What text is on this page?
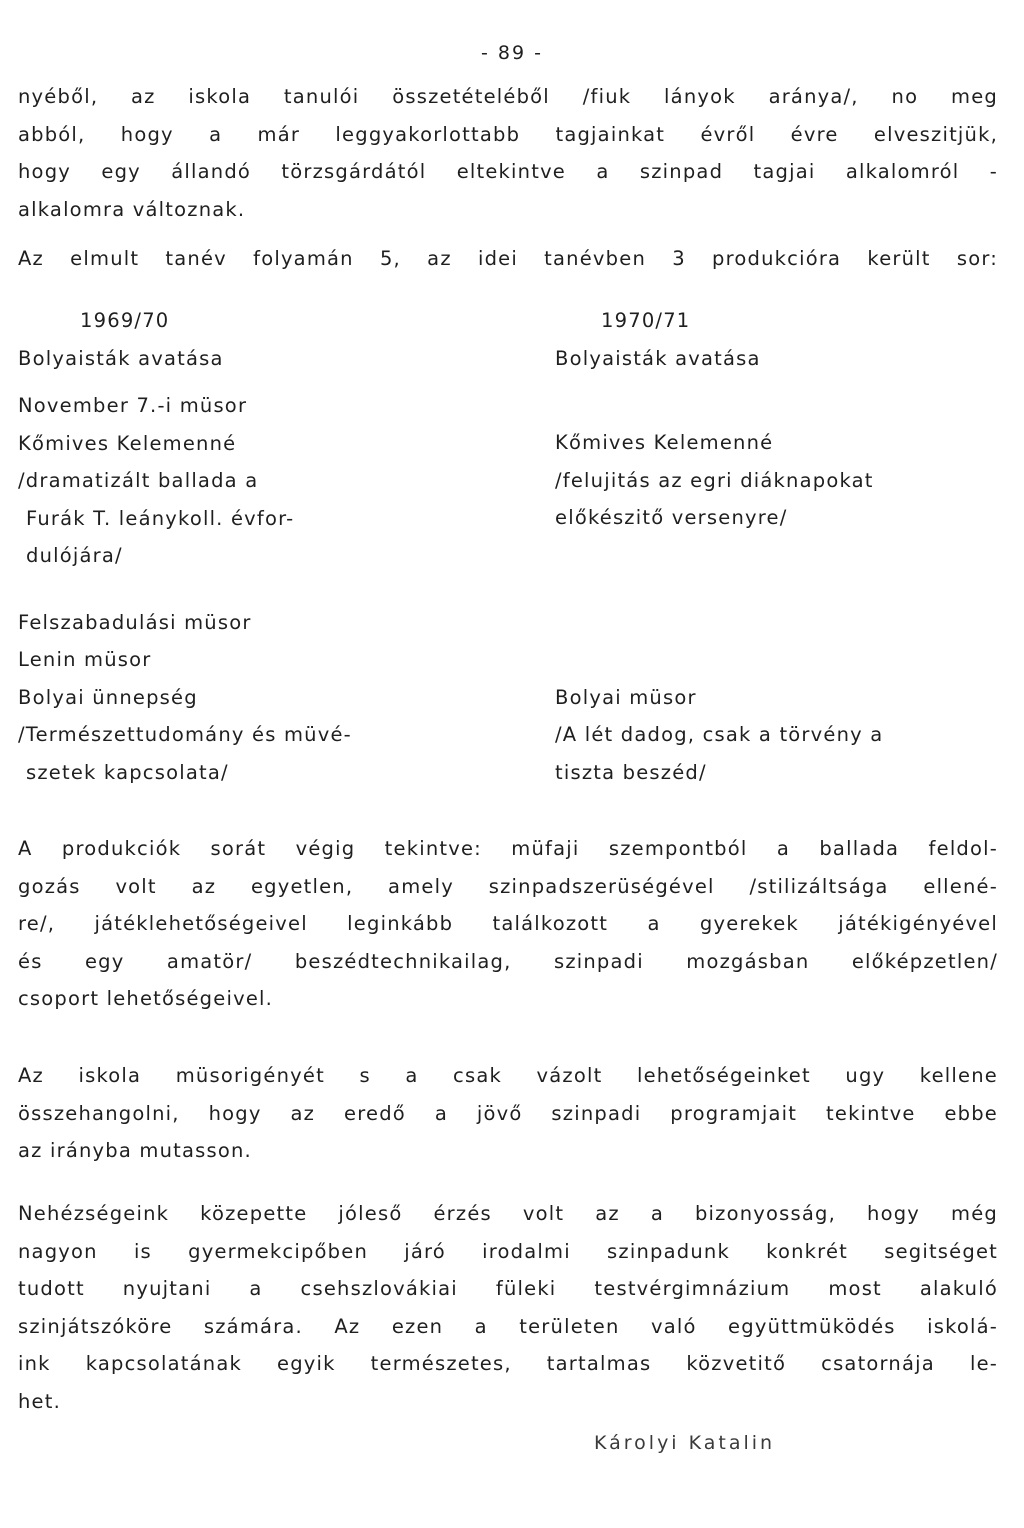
- 89 -
nyéből, az iskola tanulói összetételéből /fiuk lányok aránya/, no meg
abból, hogy a már leggyakorlottabb tagjainkat évről évre elveszitjük,
hogy egy állandó törzsgárdától eltekintve a szinpad tagjai alkalomról -
alkalomra változnak.
Az elmult tanév folyamán 5, az idei tanévben 3 produkcióra került sor:
1969/70
Bolyaisták avatása
November 7.-i müsor
Kőmives Kelemenné
/dramatizált ballada a
Furák T. leánykoll. évfor-
dulójára/
Felszabadulási müsor
Lenin müsor
Bolyai ünnepség
/Természettudomány és müvé-
szetek kapcsolata/
1970/71
Bolyaisták avatása
Kőmives Kelemenné
/felujitás az egri diáknapokat
előkészitő versenyre/
Bolyai müsor
/A lét dadog, csak a törvény a
tiszta beszéd/
A produkciók sorát végig tekintve: müfaji szempontból a ballada feldol-
gozás volt az egyetlen, amely szinpadszerüségével /stilizáltsága ellené-
re/, játéklehetőségeivel leginkább találkozott a gyerekek játékigényével
és egy amatör/ beszédtechnikailag, szinpadi mozgásban előképzetlen/
csoport lehetőségeivel.
Az iskola müsorigényét s a csak vázolt lehetőségeinket ugy kellene
összehangolni, hogy az eredő a jövő szinpadi programjait tekintve ebbe
az irányba mutasson.
Nehézségeink közepette jóleső érzés volt az a bizonyosság, hogy még
nagyon is gyermekcipőben járó irodalmi szinpadunk konkrét segitséget
tudott nyujtani a csehszlovákiai füleki testvérgimnázium most alakuló
szinjátszóköre számára. Az ezen a területen való együttmüködés iskolá-
ink kapcsolatának egyik természetes, tartalmas közvetitő csatornája le-
het.
Károlyi Katalin
